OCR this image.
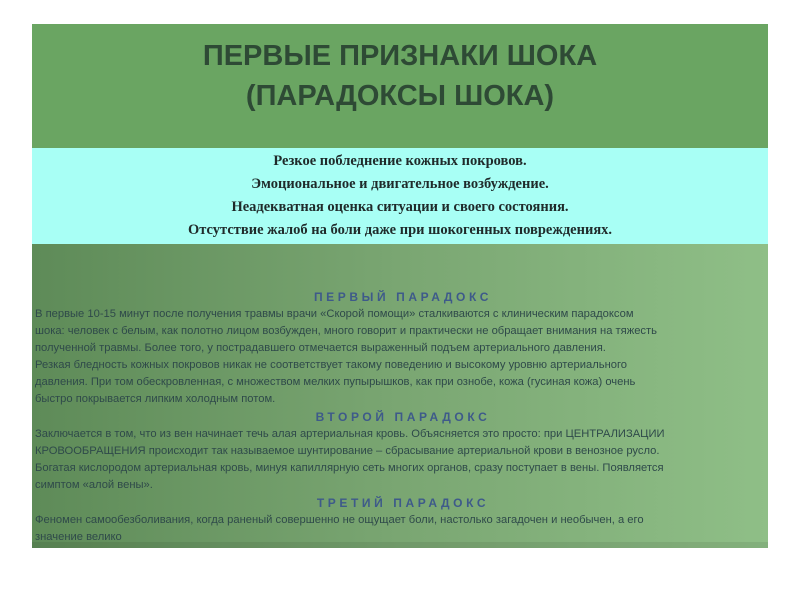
ПЕРВЫЕ ПРИЗНАКИ ШОКА
(ПАРАДОКСЫ ШОКА)

Резкое побледнение кожных покровов.

Эмоциональное и двигательное возбуждение.

Неадекватная оценка ситуации и своего состояния.

Отсутствие жалоб на боли даже при шокогенных повреждениях.

ПЕРВЫЙ ПАРАДОКС

В первые 10-15 минут после получения травмы врачи «Скорой помощи» сталкиваются с клиническим парадоксом

шока: человек с белым, как полотно лицом возбужден, много говорит и практически не обращает внимания на тяжесть

полученной травмы. Более того, у пострадавшего отмечается выраженный подъем артериального давления.

Резкая бледность кожных покровов никак не соответствует такому поведению и высокому уровню артериального

давления. При том обескровленная, с множеством мелких пупырышков, как при ознобе, кожа (гусиная кожа) очень

быстро покрывается липким холодным потом.

ВТОРОЙ ПАРАДОКС

Заключается в том, что из вен начинает течь алая артериальная кровь. Объясняется это просто: при ЦЕНТРАЛИЗАЦИИ

КРОВООБРАЩЕНИЯ происходит так называемое шунтирование – сбрасывание артериальной крови в венозное русло.

Богатая кислородом артериальная кровь, минуя капиллярную сеть многих органов, сразу поступает в вены. Появляется

симптом «алой вены».

ТРЕТИЙ ПАРАДОКС

Феномен самообезболивания, когда раненый совершенно не ощущает боли, настолько загадочен и необычен, а его

значение велико
